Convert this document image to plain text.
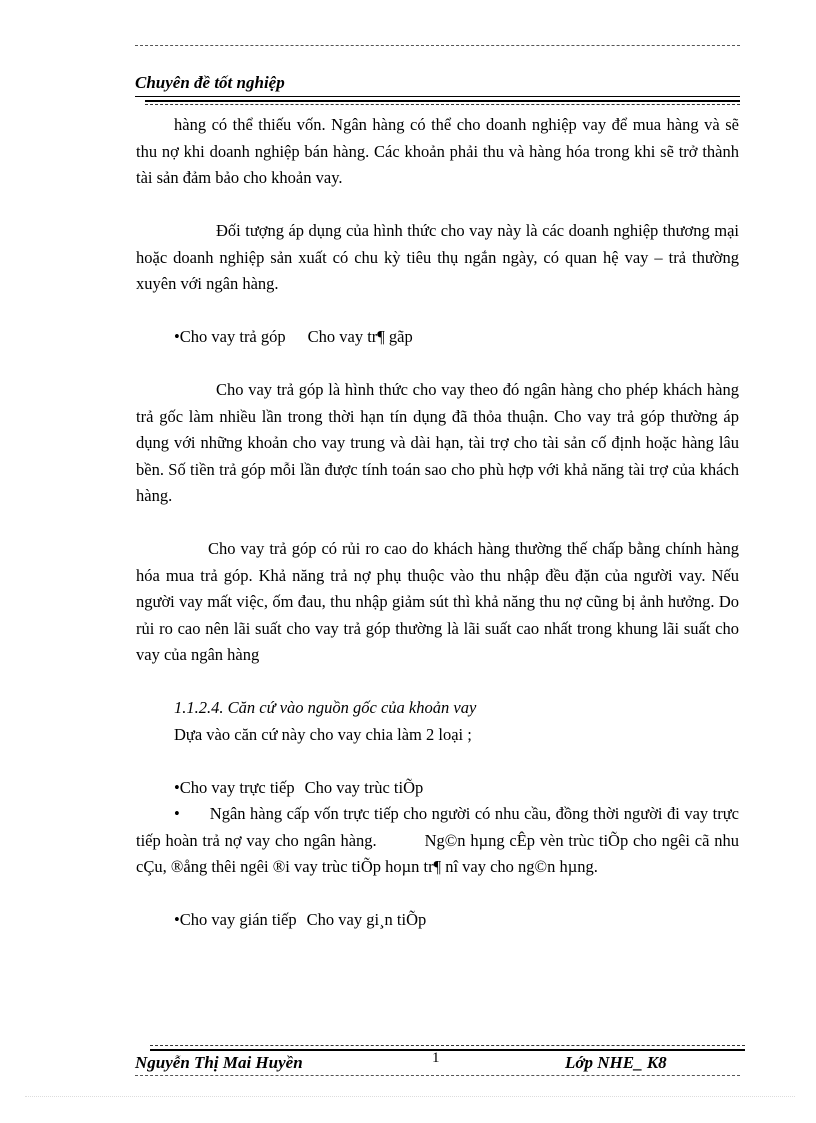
Chuyên đề tốt nghiệp

hàng có thể thiếu vốn. Ngân hàng có thể cho doanh nghiệp vay để mua hàng và sẽ thu nợ khi doanh nghiệp bán hàng. Các khoản phải thu và hàng hóa trong khi sẽ trở thành tài sản đảm bảo cho khoản vay.

Đối tượng áp dụng của hình thức cho vay này là các doanh nghiệp thương mại hoặc doanh nghiệp sản xuất có chu kỳ tiêu thụ ngắn ngày, có quan hệ vay – trả thường xuyên với ngân hàng.

•Cho vay trả góp Cho vay tr¶ gãp

Cho vay trả góp là hình thức cho vay theo đó ngân hàng cho phép khách hàng trả gốc làm nhiều lần trong thời hạn tín dụng đã thỏa thuận. Cho vay trả góp thường áp dụng với những khoản cho vay trung và dài hạn, tài trợ cho tài sản cố định hoặc hàng lâu bền. Số tiền trả góp mỗi lần được tính toán sao cho phù hợp với khả năng tài trợ của khách hàng.

Cho vay trả góp có rủi ro cao do khách hàng thường thế chấp bằng chính hàng hóa mua trả góp. Khả năng trả nợ phụ thuộc vào thu nhập đều đặn của người vay. Nếu người vay mất việc, ốm đau, thu nhập giảm sút thì khả năng thu nợ cũng bị ảnh hưởng. Do rủi ro cao nên lãi suất cho vay trả góp thường là lãi suất cao nhất trong khung lãi suất cho vay của ngân hàng

1.1.2.4. Căn cứ vào nguồn gốc của khoản vay

Dựa vào căn cứ này cho vay chia làm 2 loại ;

•Cho vay trực tiếp Cho vay trùc tiÕp

• Ngân hàng cấp vốn trực tiếp cho người có nhu cầu, đồng thời người đi vay trực tiếp hoàn trả nợ vay cho ngân hàng.	Ng©n hµng cÊp vèn trùc tiÕp cho ngêi cã nhu cÇu, ®ång thêi ngêi ®i vay trùc tiÕp hoµn tr¶ nî vay cho ng©n hµng.

•Cho vay gián tiếp Cho vay gi¸n tiÕp

Nguyễn Thị Mai Huyền	1	Lớp NHE_ K8
